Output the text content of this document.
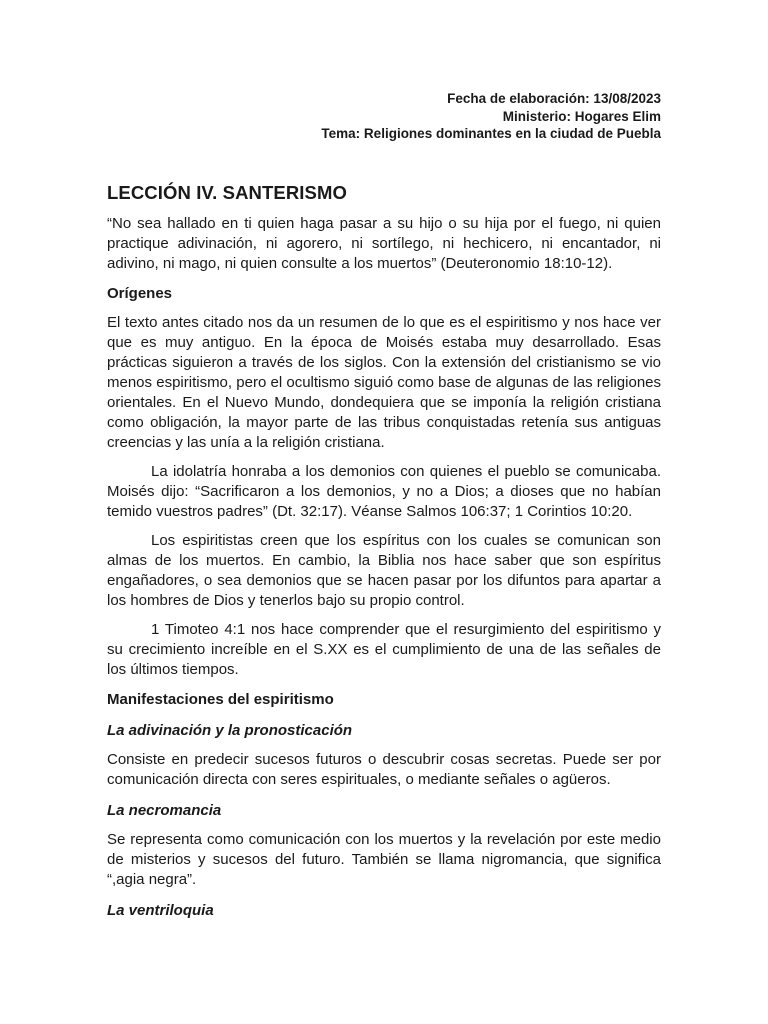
Fecha de elaboración: 13/08/2023
Ministerio: Hogares Elim
Tema: Religiones dominantes en la ciudad de Puebla
LECCIÓN IV. SANTERISMO

“No sea hallado en ti quien haga pasar a su hijo o su hija por el fuego, ni quien practique adivinación, ni agorero, ni sortílego, ni hechicero, ni encantador, ni adivino, ni mago, ni quien consulte a los muertos” (Deuteronomio 18:10-12).

Orígenes

El texto antes citado nos da un resumen de lo que es el espiritismo y nos hace ver que es muy antiguo. En la época de Moisés estaba muy desarrollado. Esas prácticas siguieron a través de los siglos. Con la extensión del cristianismo se vio menos espiritismo, pero el ocultismo siguió como base de algunas de las religiones orientales. En el Nuevo Mundo, dondequiera que se imponía la religión cristiana como obligación, la mayor parte de las tribus conquistadas retenía sus antiguas creencias y las unía a la religión cristiana.

La idolatría honraba a los demonios con quienes el pueblo se comunicaba. Moisés dijo: “Sacrificaron a los demonios, y no a Dios; a dioses que no habían temido vuestros padres” (Dt. 32:17). Véanse Salmos 106:37; 1 Corintios 10:20.

Los espiritistas creen que los espíritus con los cuales se comunican son almas de los muertos. En cambio, la Biblia nos hace saber que son espíritus engañadores, o sea demonios que se hacen pasar por los difuntos para apartar a los hombres de Dios y tenerlos bajo su propio control.

1 Timoteo 4:1 nos hace comprender que el resurgimiento del espiritismo y su crecimiento increíble en el S.XX es el cumplimiento de una de las señales de los últimos tiempos.

Manifestaciones del espiritismo
La adivinación y la pronosticación

Consiste en predecir sucesos futuros o descubrir cosas secretas. Puede ser por comunicación directa con seres espirituales, o mediante señales o agüeros.

La necromancia

Se representa como comunicación con los muertos y la revelación por este medio de misterios y sucesos del futuro. También se llama nigromancia, que significa “,agia negra”.

La ventriloquia
